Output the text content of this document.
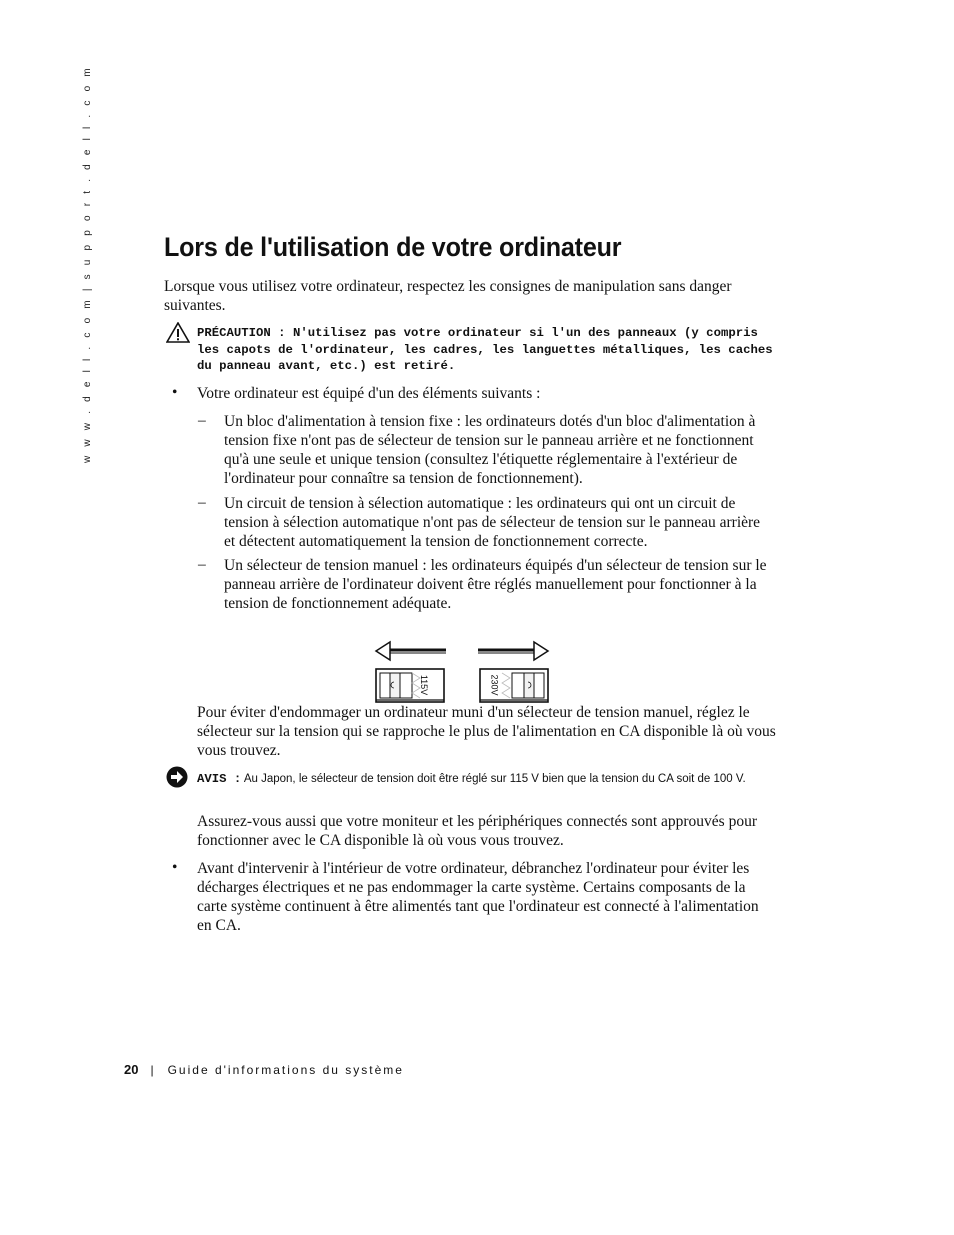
w w w . d e l l . c o m | s u p p o r t . d e l l . c o m	Lors de l'utilisation de votre ordinateur

Lorsque vous utilisez votre ordinateur, respectez les consignes de manipulation sans danger suivantes.

PRÉCAUTION : N'utilisez pas votre ordinateur si l'un des panneaux (y compris les capots de l'ordinateur, les cadres, les languettes métalliques, les caches du panneau avant, etc.) est retiré.
• Votre ordinateur est équipé d'un des éléments suivants :

– Un bloc d'alimentation à tension fixe : les ordinateurs dotés d'un bloc d'alimentation à tension fixe n'ont pas de sélecteur de tension sur le panneau arrière et ne fonctionnent qu'à une seule et unique tension (consultez l'étiquette réglementaire à l'extérieur de l'ordinateur pour connaître sa tension de fonctionnement).

– Un circuit de tension à sélection automatique : les ordinateurs qui ont un circuit de tension à sélection automatique n'ont pas de sélecteur de tension sur le panneau arrière et détectent automatiquement la tension de fonctionnement correcte.

– Un sélecteur de tension manuel : les ordinateurs équipés d'un sélecteur de tension sur le panneau arrière de l'ordinateur doivent être réglés manuellement pour fonctionner à la tension de fonctionnement adéquate.

115V	230V

Pour éviter d'endommager un ordinateur muni d'un sélecteur de tension manuel, réglez le sélecteur sur la tension qui se rapproche le plus de l'alimentation en CA disponible là où vous vous trouvez.

AVIS : Au Japon, le sélecteur de tension doit être réglé sur 115 V bien que la tension du CA soit de 100 V.

Assurez-vous aussi que votre moniteur et les périphériques connectés sont approuvés pour fonctionner avec le CA disponible là où vous vous trouvez.

• Avant d'intervenir à l'intérieur de votre ordinateur, débranchez l'ordinateur pour éviter les décharges électriques et ne pas endommager la carte système. Certains composants de la carte système continuent à être alimentés tant que l'ordinateur est connecté à l'alimentation en CA.

20 | Guide d'informations du système
